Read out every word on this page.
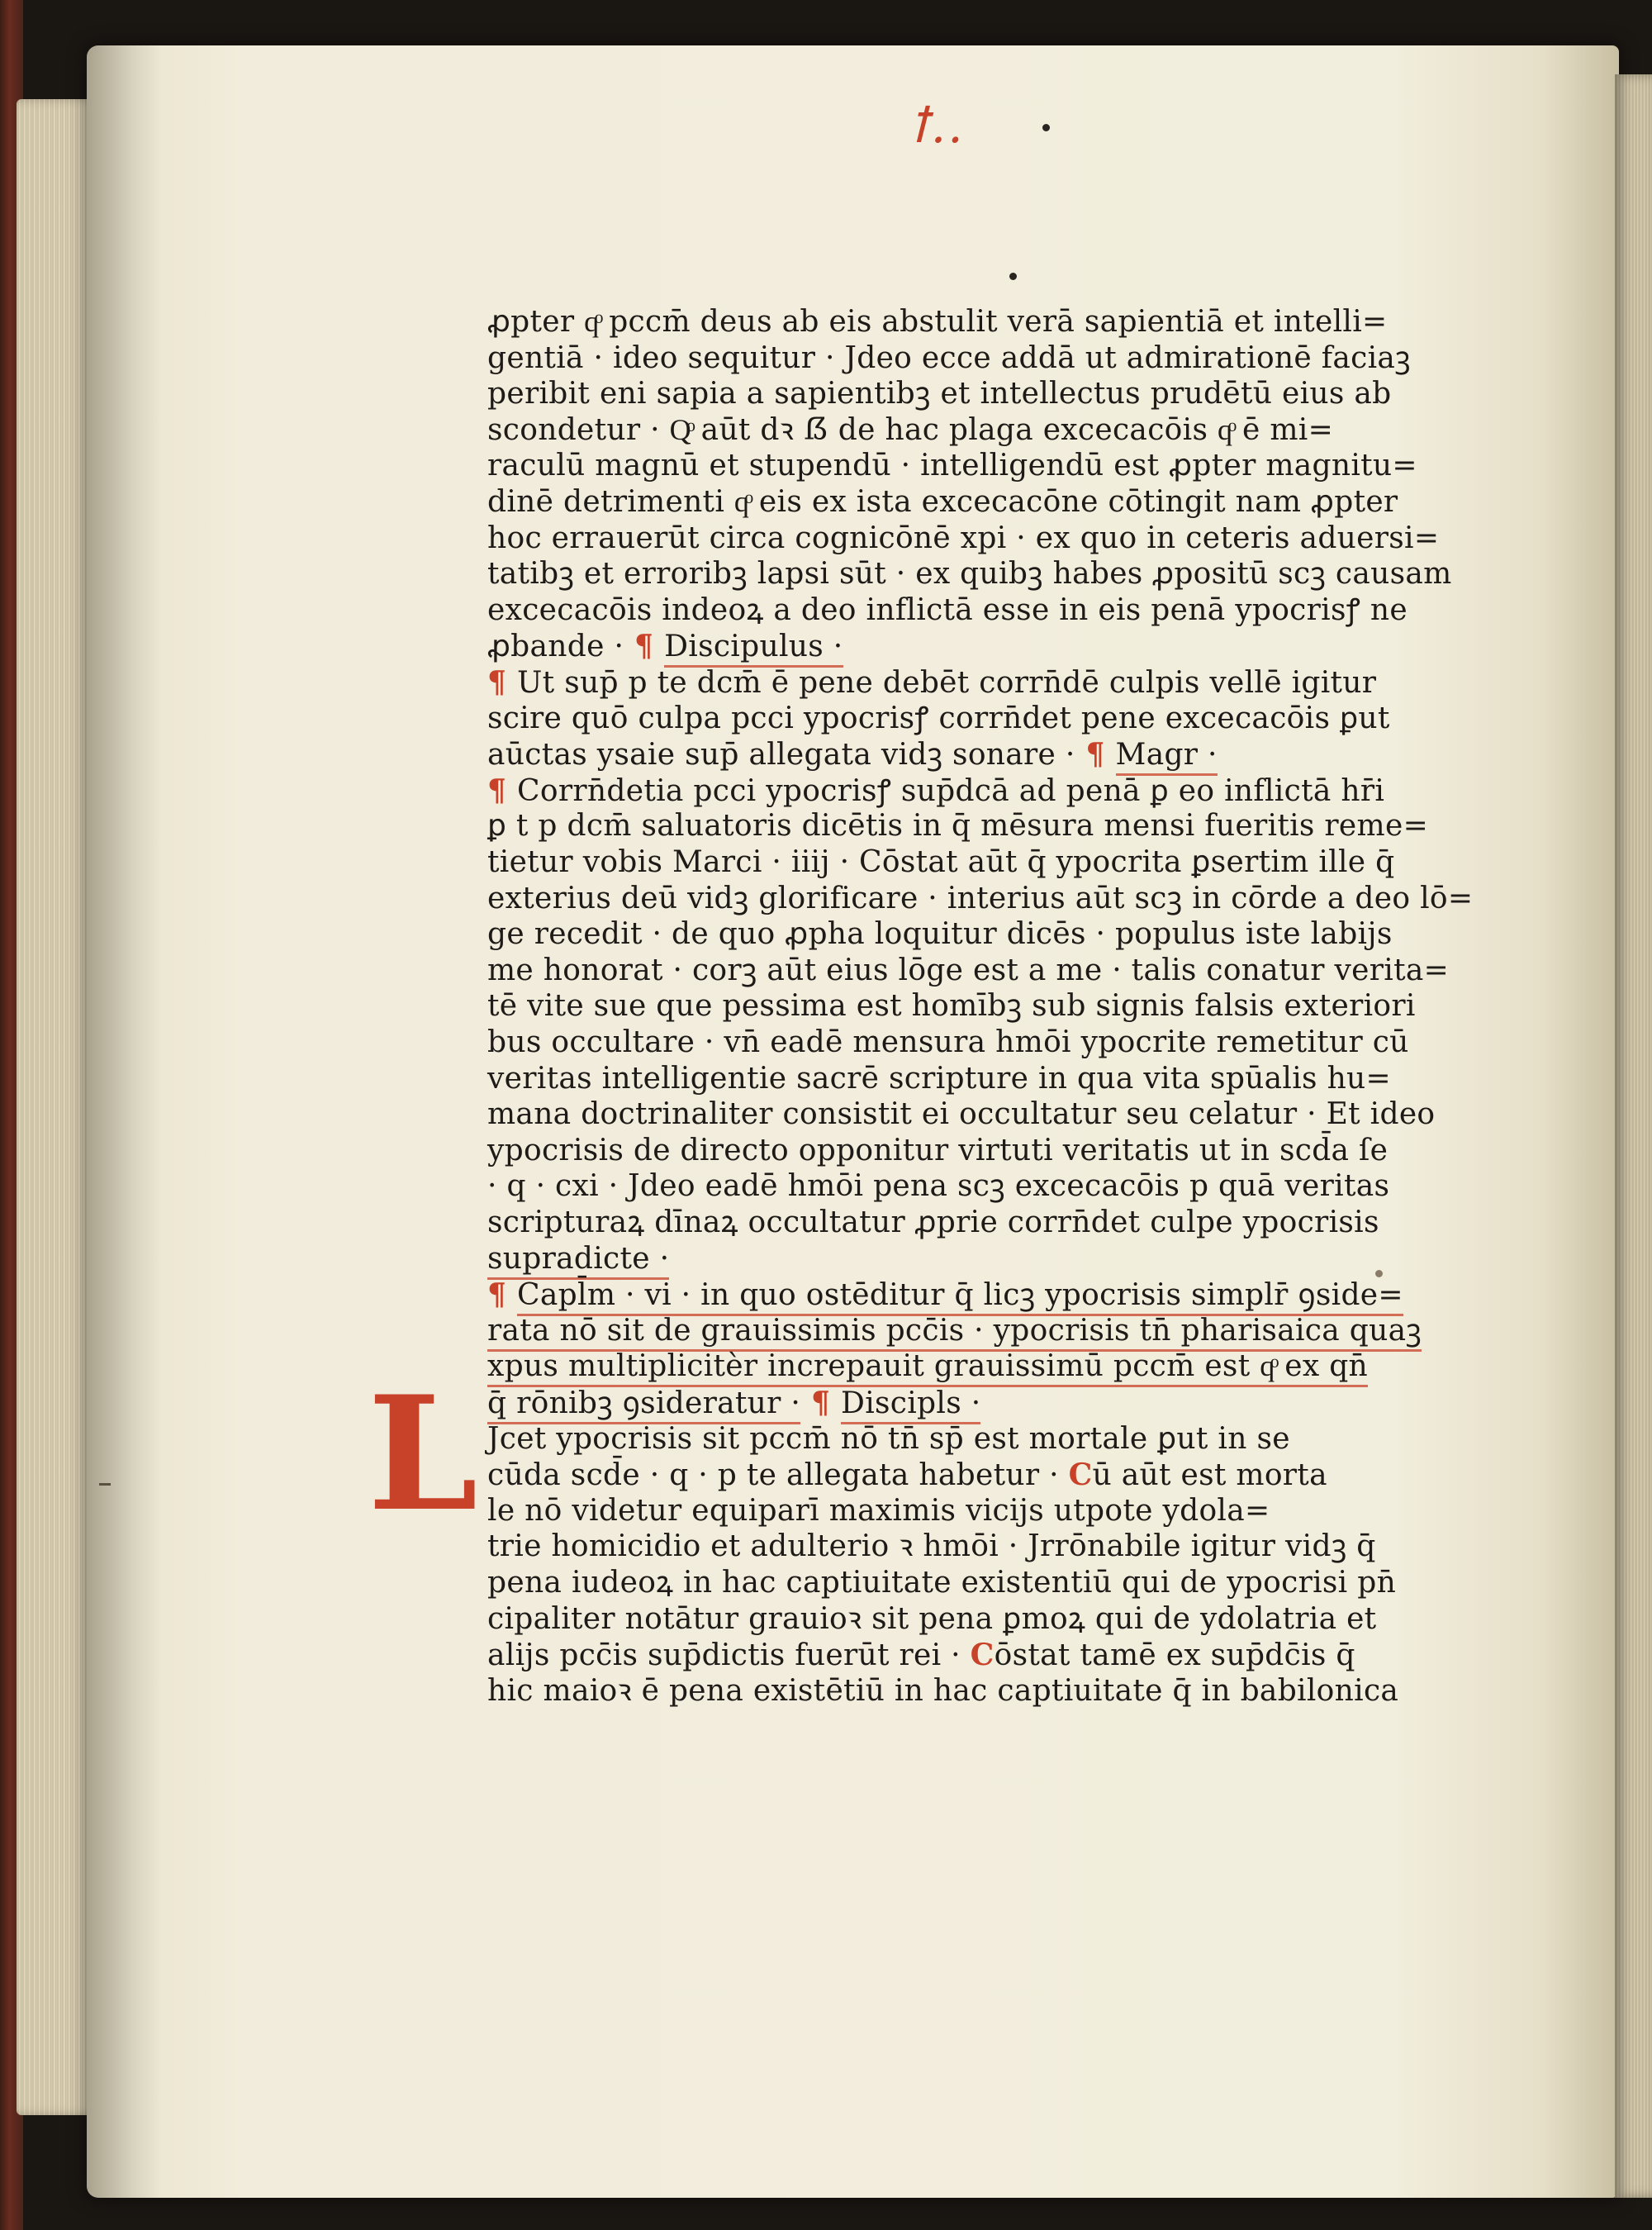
ꝉ..
L
ꝓpter qͦ pccm̄ deus ab eis abstulit verā sapientiā et intelli=
gentiā · ideo sequitur · Jdeo ecce addā ut admirationē faciaꝫ
peribit eni sapia a sapientibꝫ et intellectus prudētū eius ab
scondetur · Qͦ aūt dꝛ ẞ de hac plaga excecacōis qͦ ē mi=
raculū magnū et stupendū · intelligendū est ꝓpter magnitu=
dinē detrimenti qͦ eis ex ista excecacōne cōtingit nam ꝓpter
hoc errauerūt circa cognicōnē xpi · ex quo in ceteris aduersi=
tatibꝫ et erroribꝫ lapsi sūt · ex quibꝫ habes ꝓpositū scꝫ causam
excecacōis indeoꝝ a deo inflictā esse in eis penā ypocrisꝭ ne
ꝓbande · ¶ Discipulus ·
¶ Ut sup̄ p te dcm̄ ē pene debēt corrn̄dē culpis vellē igitur
scire quō culpa pcci ypocrisꝭ corrn̄det pene excecacōis ꝑut
aūctas ysaie sup̄ allegata vidꝫ sonare · ¶ Magr ·
¶ Corrn̄detia pcci ypocrisꝭ sup̄dcā ad penā ꝑ eo inflictā hr̄i
ꝑ t p dcm̄ saluatoris dicētis in q̄ mēsura mensi fueritis reme=
tietur vobis Marci · iiij · Cōstat aūt q̄ ypocrita ꝑsertim ille q̄
exterius deū vidꝫ glorificare · interius aūt scꝫ in cōrde a deo lō=
ge recedit · de quo ꝓpha loquitur dicēs · populus iste labijs
me honorat · corꝫ aūt eius lōge est a me · talis conatur verita=
tē vite sue que pessima est homībꝫ sub signis falsis exteriori
bus occultare · vn̄ eadē mensura hmōi ypocrite remetitur cū
veritas intelligentie sacrē scripture in qua vita spūalis hu=
mana doctrinaliter consistit ei occultatur seu celatur · Et ideo
ypocrisis de directo opponitur virtuti veritatis ut in scd̄a ſe
· q · cxi · Jdeo eadē hmōi pena scꝫ excecacōis p quā veritas
scripturaꝝ dīnaꝝ occultatur ꝓprie corrn̄det culpe ypocrisis
supradicte ·
¶ Capl̄m · vi · in quo ostēditur q̄ licꝫ ypocrisis simplr̄ ꝯside=
rata nō sit de grauissimis pcc̄is · ypocrisis tn̄ pharisaica quaꝫ
xpus multiplicitèr increpauit grauissimū pccm̄ est qͦ ex qn̄
q̄ rōnibꝫ ꝯsideratur · ¶ Discipls ·
Jcet ypocrisis sit pccm̄ nō tn̄ sp̄ est mortale ꝑut in se
cūda scd̄e · q · p te allegata habetur · Cū aūt est morta
le nō videtur equiparī maximis vicijs utpote ydola=
trie homicidio et adulterio ꝛ hmōi · Jrrōnabile igitur vidꝫ q̄
pena iudeoꝝ in hac captiuitate existentiū qui de ypocrisi pn̄
cipaliter notātur grauioꝛ sit pena ꝑmoꝝ qui de ydolatria et
alijs pcc̄is sup̄dictis fuerūt rei · Cōstat tamē ex sup̄dc̄is q̄
hic maioꝛ ē pena existētiū in hac captiuitate q̄ in babilonica
